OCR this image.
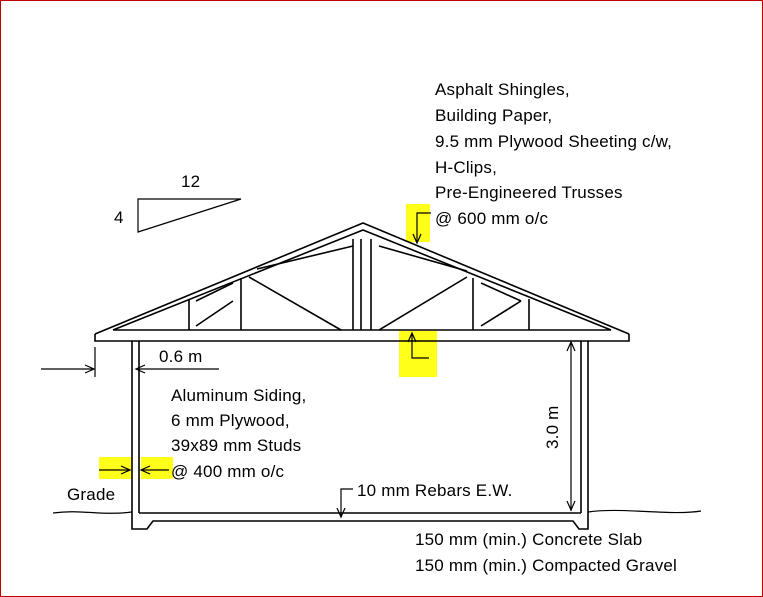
12
4
0.6 m
3.0 m
Asphalt Shingles,
Building Paper,
9.5 mm Plywood Sheeting c/w,
H-Clips,
Pre-Engineered Trusses
@ 600 mm o/c
Aluminum Siding,
6 mm Plywood,
39x89 mm Studs
@ 400 mm o/c
10 mm Rebars E.W.
Grade
150 mm (min.) Concrete Slab
150 mm (min.) Compacted Gravel
